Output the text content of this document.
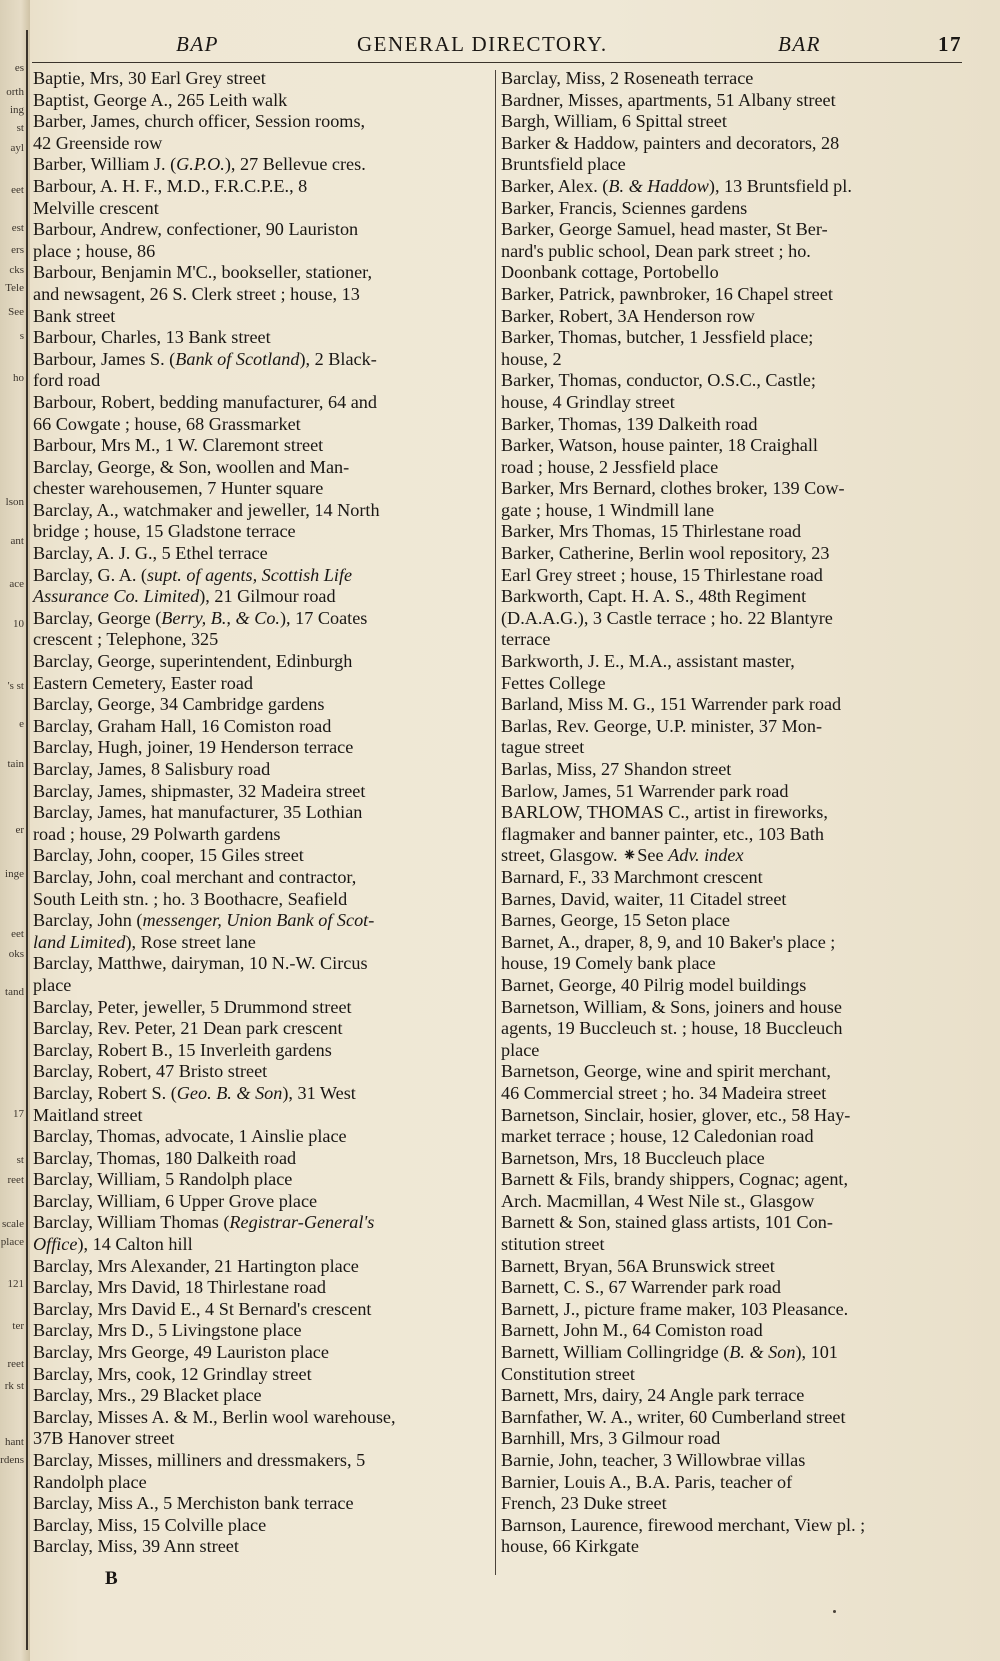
es
orth
ing
st
ayl
eet
est
ers
cks
Tele
See
s
ho
lson
ant
ace
10
's st
e
tain
er
inge
eet
oks
tand
17
st
reet
scale
place
121
ter
reet
rk st
hant
rdens
BAP	GENERAL DIRECTORY.	BAR	17
Baptie, Mrs, 30 Earl Grey street
Baptist, George A., 265 Leith walk
Barber, James, church officer, Session rooms,
42 Greenside row
Barber, William J. (G.P.O.), 27 Bellevue cres.
Barbour, A. H. F., M.D., F.R.C.P.E., 8
Melville crescent
Barbour, Andrew, confectioner, 90 Lauriston
place ; house, 86
Barbour, Benjamin M'C., bookseller, stationer,
and newsagent, 26 S. Clerk street ; house, 13
Bank street
Barbour, Charles, 13 Bank street
Barbour, James S. (Bank of Scotland), 2 Black-
ford road
Barbour, Robert, bedding manufacturer, 64 and
66 Cowgate ; house, 68 Grassmarket
Barbour, Mrs M., 1 W. Claremont street
Barclay, George, & Son, woollen and Man-
chester warehousemen, 7 Hunter square
Barclay, A., watchmaker and jeweller, 14 North
bridge ; house, 15 Gladstone terrace
Barclay, A. J. G., 5 Ethel terrace
Barclay, G. A. (supt. of agents, Scottish Life
Assurance Co. Limited), 21 Gilmour road
Barclay, George (Berry, B., & Co.), 17 Coates
crescent ; Telephone, 325
Barclay, George, superintendent, Edinburgh
Eastern Cemetery, Easter road
Barclay, George, 34 Cambridge gardens
Barclay, Graham Hall, 16 Comiston road
Barclay, Hugh, joiner, 19 Henderson terrace
Barclay, James, 8 Salisbury road
Barclay, James, shipmaster, 32 Madeira street
Barclay, James, hat manufacturer, 35 Lothian
road ; house, 29 Polwarth gardens
Barclay, John, cooper, 15 Giles street
Barclay, John, coal merchant and contractor,
South Leith stn. ; ho. 3 Boothacre, Seafield
Barclay, John (messenger, Union Bank of Scot-
land Limited), Rose street lane
Barclay, Matthwe, dairyman, 10 N.-W. Circus
place
Barclay, Peter, jeweller, 5 Drummond street
Barclay, Rev. Peter, 21 Dean park crescent
Barclay, Robert B., 15 Inverleith gardens
Barclay, Robert, 47 Bristo street
Barclay, Robert S. (Geo. B. & Son), 31 West
Maitland street
Barclay, Thomas, advocate, 1 Ainslie place
Barclay, Thomas, 180 Dalkeith road
Barclay, William, 5 Randolph place
Barclay, William, 6 Upper Grove place
Barclay, William Thomas (Registrar-General's
Office), 14 Calton hill
Barclay, Mrs Alexander, 21 Hartington place
Barclay, Mrs David, 18 Thirlestane road
Barclay, Mrs David E., 4 St Bernard's crescent
Barclay, Mrs D., 5 Livingstone place
Barclay, Mrs George, 49 Lauriston place
Barclay, Mrs, cook, 12 Grindlay street
Barclay, Mrs., 29 Blacket place
Barclay, Misses A. & M., Berlin wool warehouse,
37B Hanover street
Barclay, Misses, milliners and dressmakers, 5
Randolph place
Barclay, Miss A., 5 Merchiston bank terrace
Barclay, Miss, 15 Colville place
Barclay, Miss, 39 Ann street
Barclay, Miss, 2 Roseneath terrace
Bardner, Misses, apartments, 51 Albany street
Bargh, William, 6 Spittal street
Barker & Haddow, painters and decorators, 28
Bruntsfield place
Barker, Alex. (B. & Haddow), 13 Bruntsfield pl.
Barker, Francis, Sciennes gardens
Barker, George Samuel, head master, St Ber-
nard's public school, Dean park street ; ho.
Doonbank cottage, Portobello
Barker, Patrick, pawnbroker, 16 Chapel street
Barker, Robert, 3A Henderson row
Barker, Thomas, butcher, 1 Jessfield place;
house, 2
Barker, Thomas, conductor, O.S.C., Castle;
house, 4 Grindlay street
Barker, Thomas, 139 Dalkeith road
Barker, Watson, house painter, 18 Craighall
road ; house, 2 Jessfield place
Barker, Mrs Bernard, clothes broker, 139 Cow-
gate ; house, 1 Windmill lane
Barker, Mrs Thomas, 15 Thirlestane road
Barker, Catherine, Berlin wool repository, 23
Earl Grey street ; house, 15 Thirlestane road
Barkworth, Capt. H. A. S., 48th Regiment
(D.A.A.G.), 3 Castle terrace ; ho. 22 Blantyre
terrace
Barkworth, J. E., M.A., assistant master,
Fettes College
Barland, Miss M. G., 151 Warrender park road
Barlas, Rev. George, U.P. minister, 37 Mon-
tague street
Barlas, Miss, 27 Shandon street
Barlow, James, 51 Warrender park road
BARLOW, THOMAS C., artist in fireworks,
flagmaker and banner painter, etc., 103 Bath
street, Glasgow. ⁕See Adv. index
Barnard, F., 33 Marchmont crescent
Barnes, David, waiter, 11 Citadel street
Barnes, George, 15 Seton place
Barnet, A., draper, 8, 9, and 10 Baker's place ;
house, 19 Comely bank place
Barnet, George, 40 Pilrig model buildings
Barnetson, William, & Sons, joiners and house
agents, 19 Buccleuch st. ; house, 18 Buccleuch
place
Barnetson, George, wine and spirit merchant,
46 Commercial street ; ho. 34 Madeira street
Barnetson, Sinclair, hosier, glover, etc., 58 Hay-
market terrace ; house, 12 Caledonian road
Barnetson, Mrs, 18 Buccleuch place
Barnett & Fils, brandy shippers, Cognac; agent,
Arch. Macmillan, 4 West Nile st., Glasgow
Barnett & Son, stained glass artists, 101 Con-
stitution street
Barnett, Bryan, 56A Brunswick street
Barnett, C. S., 67 Warrender park road
Barnett, J., picture frame maker, 103 Pleasance.
Barnett, John M., 64 Comiston road
Barnett, William Collingridge (B. & Son), 101
Constitution street
Barnett, Mrs, dairy, 24 Angle park terrace
Barnfather, W. A., writer, 60 Cumberland street
Barnhill, Mrs, 3 Gilmour road
Barnie, John, teacher, 3 Willowbrae villas
Barnier, Louis A., B.A. Paris, teacher of
French, 23 Duke street
Barnson, Laurence, firewood merchant, View pl. ;
house, 66 Kirkgate
B
